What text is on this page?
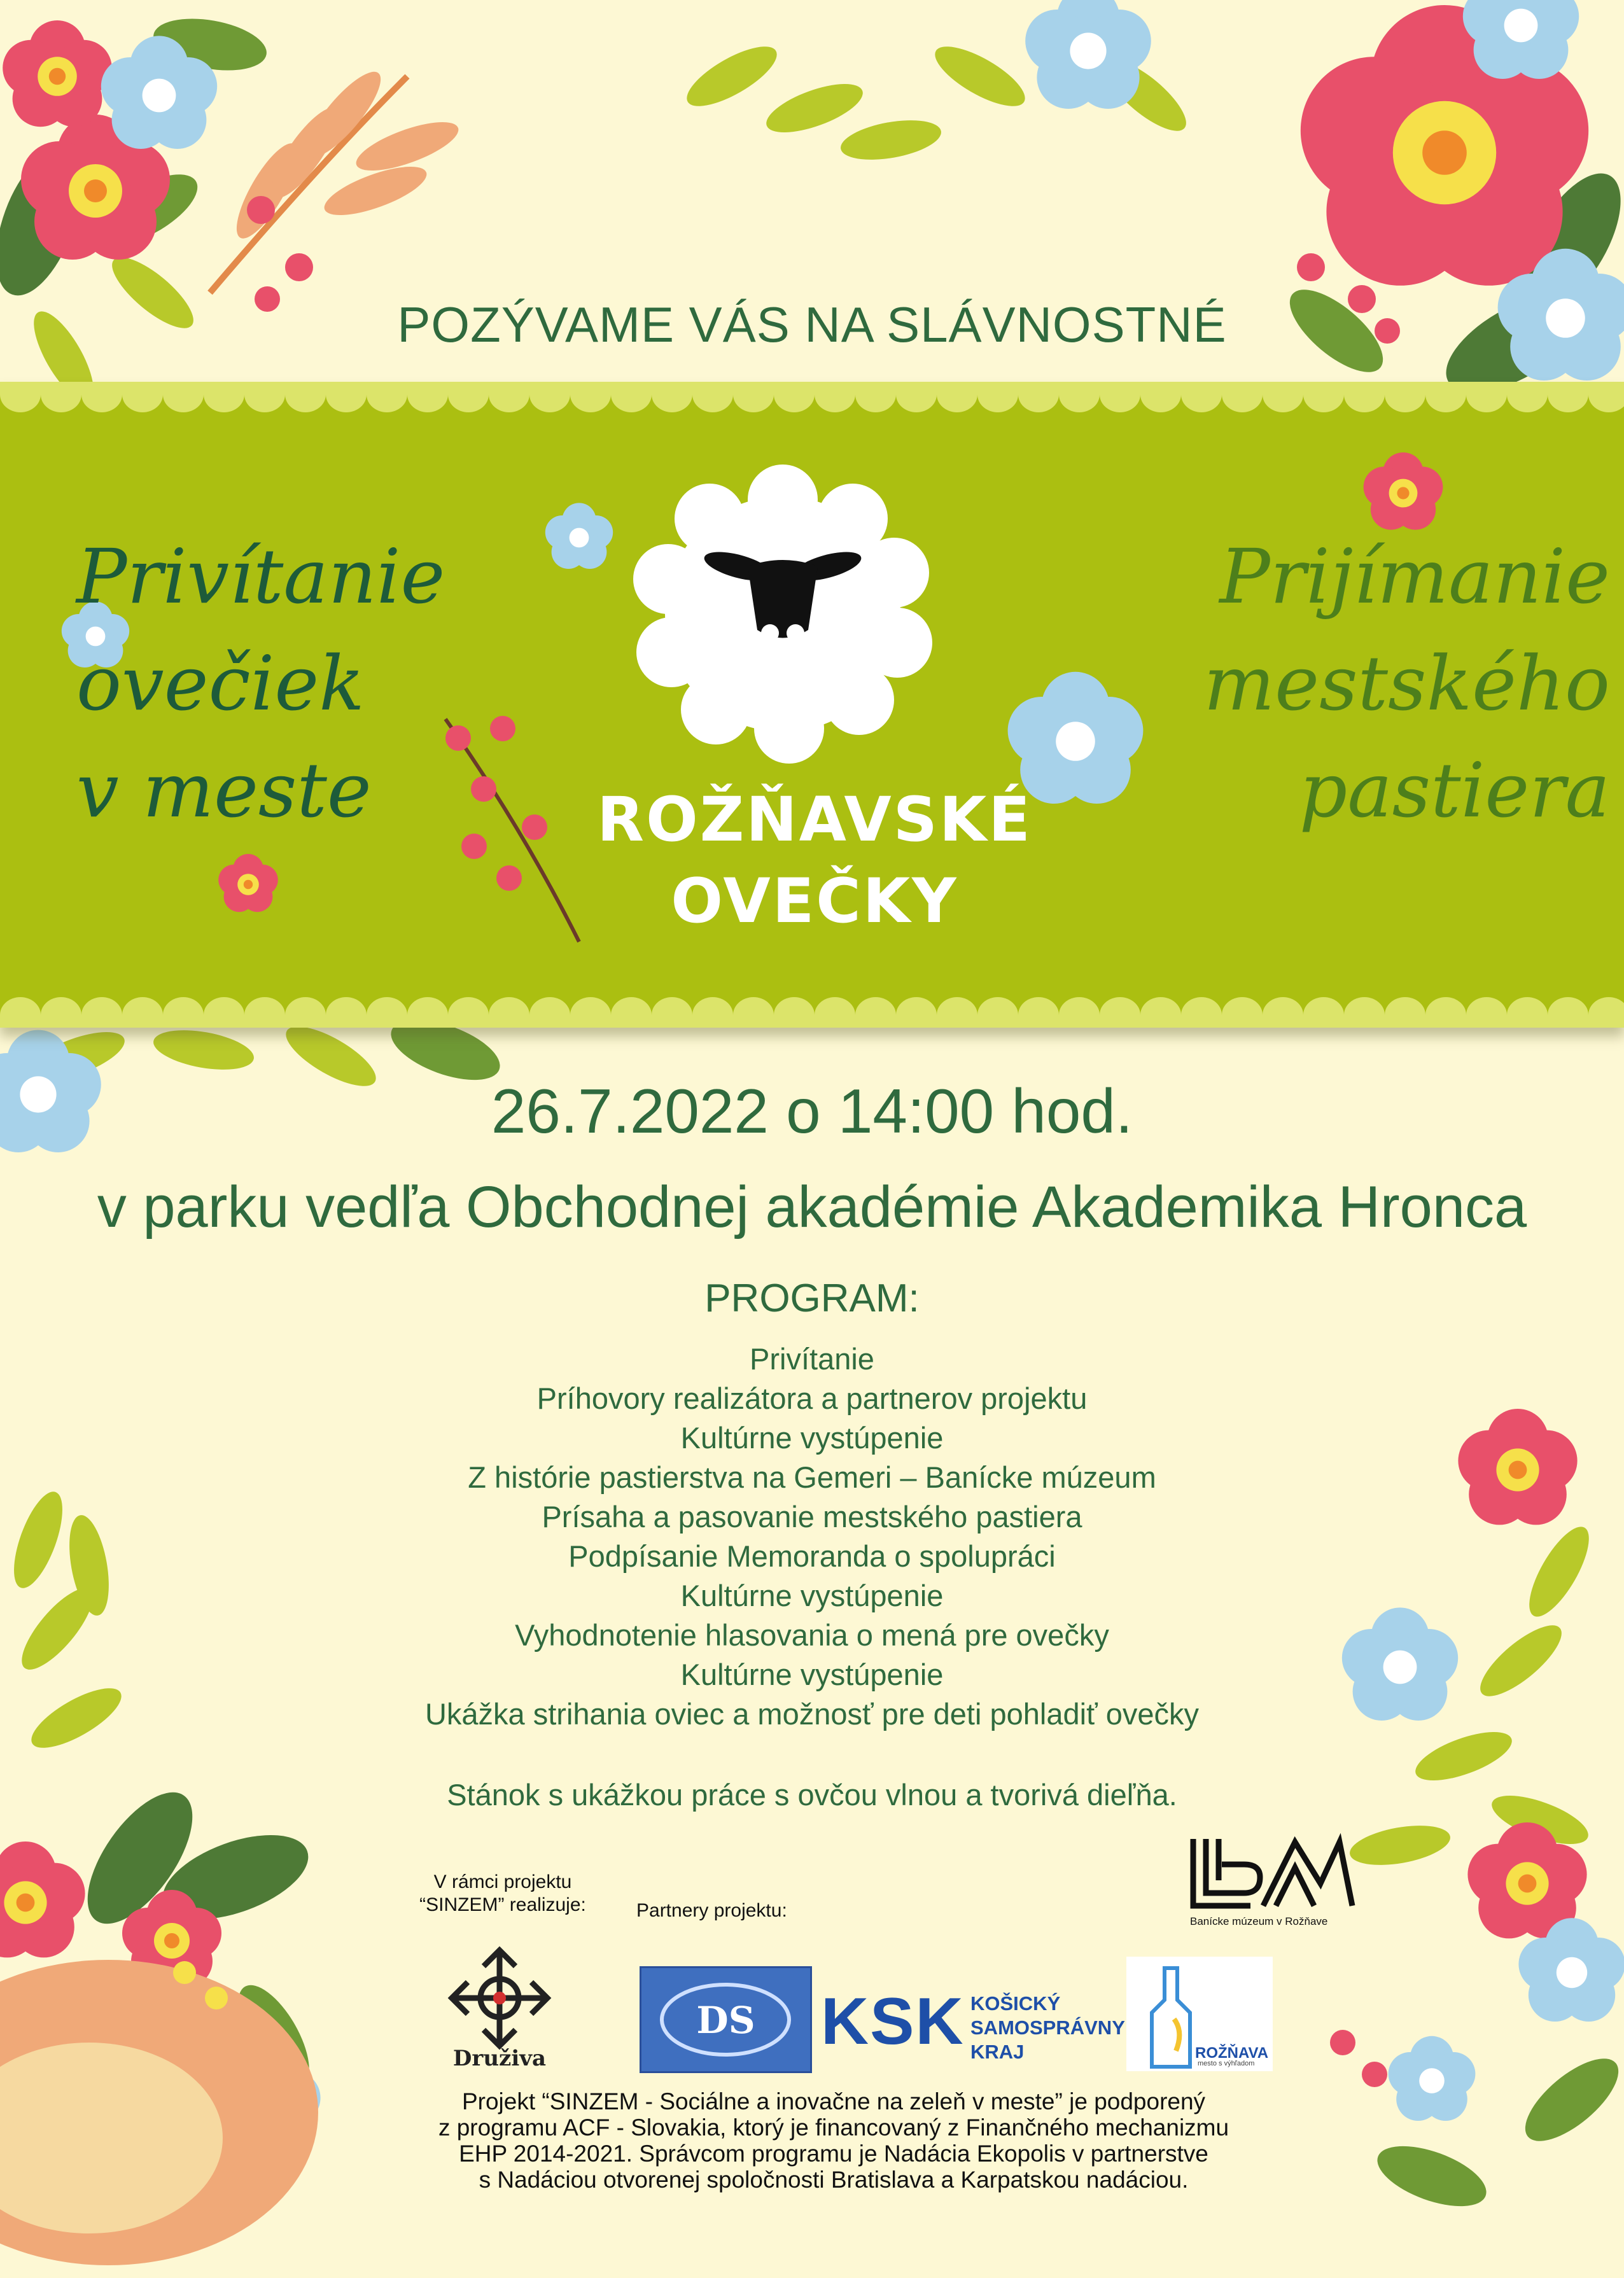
POZÝVAME VÁS NA SLÁVNOSTNÉ
Privítanie
ovečiek
v meste
Prijímanie
mestského
pastiera
ROŽŇAVSKÉ
OVEČKY
26.7.2022 o 14:00 hod.
v parku vedľa Obchodnej akadémie Akademika Hronca
PROGRAM:
Privítanie
Príhovory realizátora a partnerov projektu
Kultúrne vystúpenie
Z histórie pastierstva na Gemeri – Banícke múzeum
Prísaha a pasovanie mestského pastiera
Podpísanie Memoranda o spolupráci
Kultúrne vystúpenie
Vyhodnotenie hlasovania o mená pre ovečky
Kultúrne vystúpenie
Ukážka strihania oviec a možnosť pre deti pohladiť ovečky
Stánok s ukážkou práce s ovčou vlnou a tvorivá dieľňa.
V rámci projektu
“SINZEM” realizuje:	Partnery projektu:
Druživa
DS KSK KOŠICKÝ
SAMOSPRÁVNY
KRAJ	ROŽŇAVA
mesto s výhľadom
Banícke múzeum v Rožňave
Projekt “SINZEM - Sociálne a inovačne na zeleň v meste” je podporený
z programu ACF - Slovakia, ktorý je financovaný z Finančného mechanizmu
EHP 2014-2021. Správcom programu je Nadácia Ekopolis v partnerstve
s Nadáciou otvorenej spoločnosti Bratislava a Karpatskou nadáciou.
